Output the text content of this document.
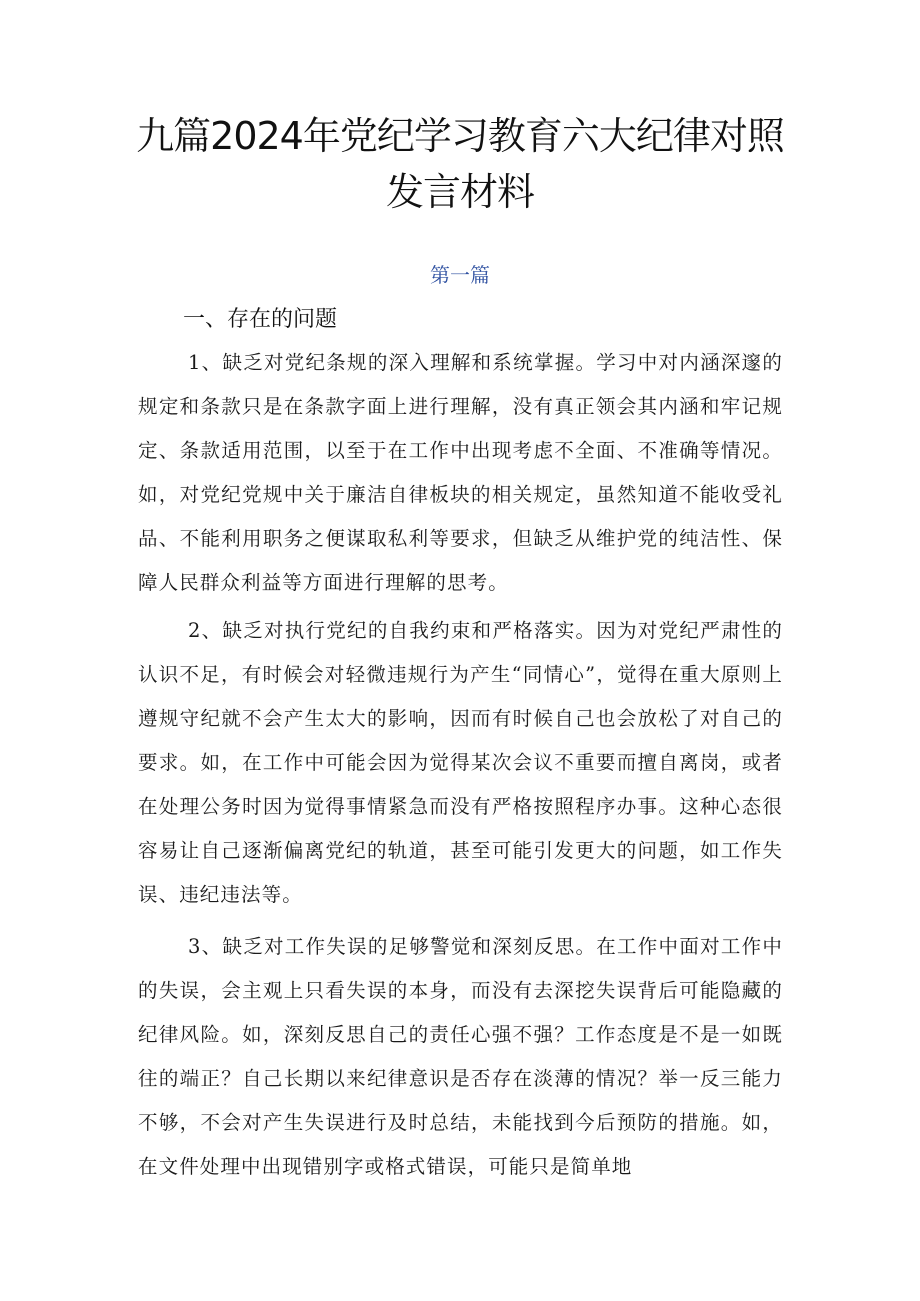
九篇2024年党纪学习教育六大纪律对照发言材料
第一篇
一、存在的问题

1、缺乏对党纪条规的深入理解和系统掌握。学习中对内涵深邃的规定和条款只是在条款字面上进行理解，没有真正领会其内涵和牢记规定、条款适用范围，以至于在工作中出现考虑不全面、不准确等情况。如，对党纪党规中关于廉洁自律板块的相关规定，虽然知道不能收受礼品、不能利用职务之便谋取私利等要求，但缺乏从维护党的纯洁性、保障人民群众利益等方面进行理解的思考。

2、缺乏对执行党纪的自我约束和严格落实。因为对党纪严肃性的认识不足，有时候会对轻微违规行为产生“同情心”，觉得在重大原则上遵规守纪就不会产生太大的影响，因而有时候自己也会放松了对自己的要求。如，在工作中可能会因为觉得某次会议不重要而擅自离岗，或者在处理公务时因为觉得事情紧急而没有严格按照程序办事。这种心态很容易让自己逐渐偏离党纪的轨道，甚至可能引发更大的问题，如工作失误、违纪违法等。

3、缺乏对工作失误的足够警觉和深刻反思。在工作中面对工作中的失误，会主观上只看失误的本身，而没有去深挖失误背后可能隐藏的纪律风险。如，深刻反思自己的责任心强不强？工作态度是不是一如既往的端正？自己长期以来纪律意识是否存在淡薄的情况？举一反三能力不够，不会对产生失误进行及时总结，未能找到今后预防的措施。如，在文件处理中出现错别字或格式错误，可能只是简单地
